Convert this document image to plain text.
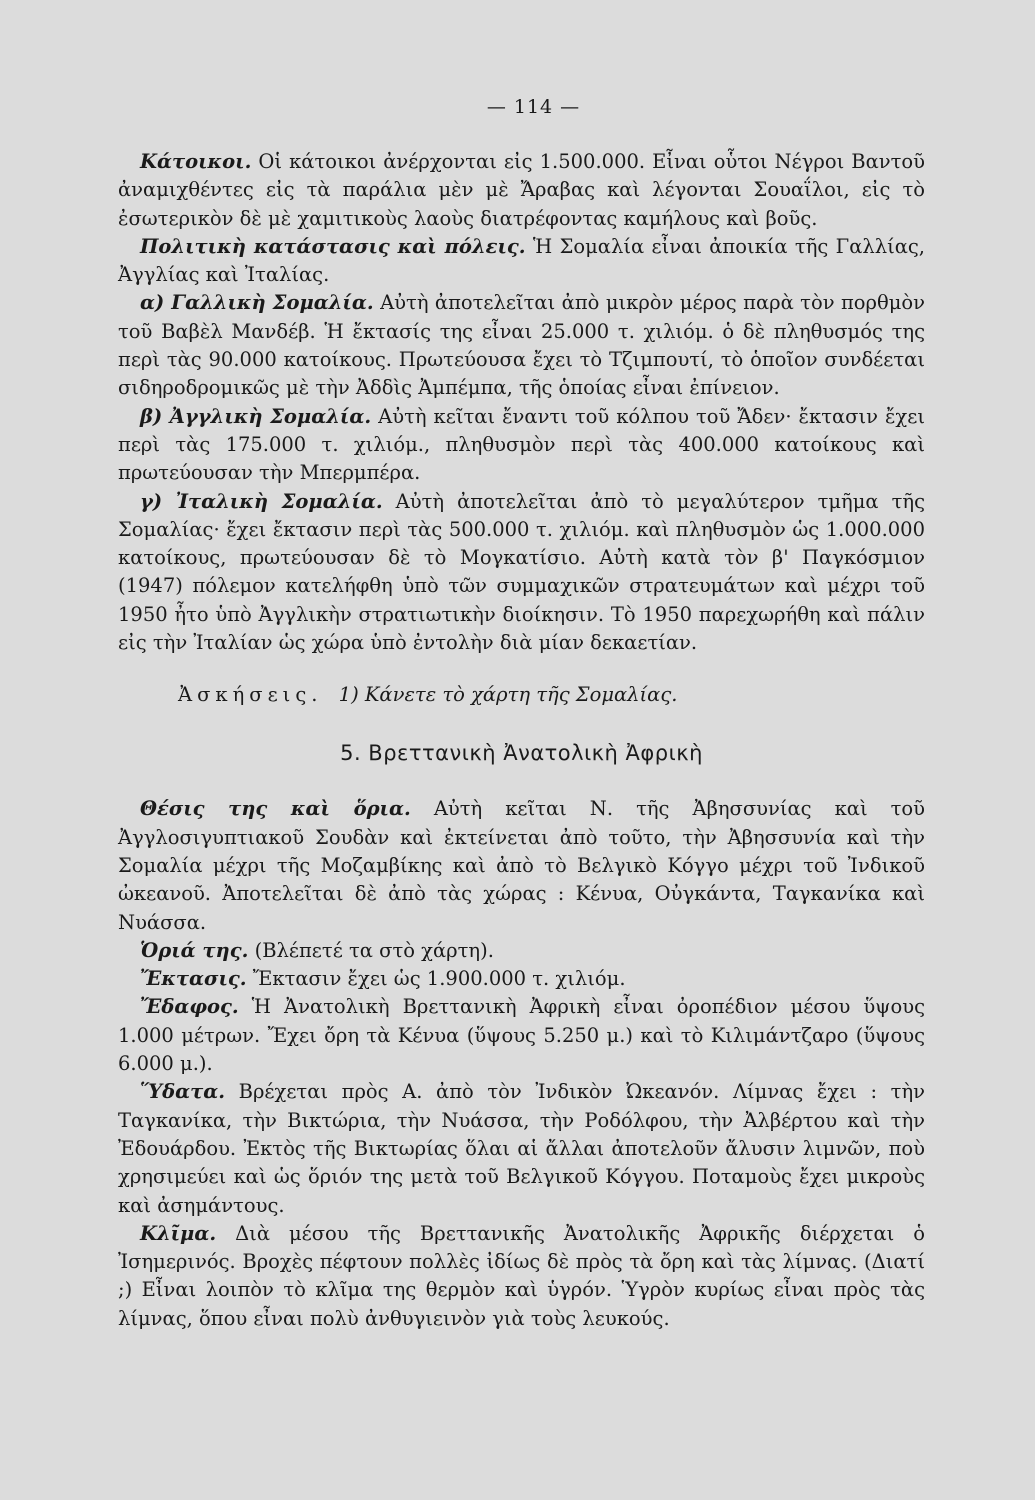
— 114 —

Κάτοικοι. Οἱ κάτοικοι ἀνέρχονται εἰς 1.500.000. Εἶναι οὗτοι Νέγροι Βαντοῦ ἀναμιχθέντες εἰς τὰ παράλια μὲν μὲ Ἄραβας καὶ λέγονται Σουαΐλοι, εἰς τὸ ἐσωτερικὸν δὲ μὲ χαμιτικοὺς λαοὺς διατρέφοντας καμήλους καὶ βοῦς.

Πολιτικὴ κατάστασις καὶ πόλεις. Ἡ Σομαλία εἶναι ἀποικία τῆς Γαλλίας, Ἀγγλίας καὶ Ἰταλίας.

α) Γαλλικὴ Σομαλία. Αὐτὴ ἀποτελεῖται ἀπὸ μικρὸν μέρος παρὰ τὸν πορθμὸν τοῦ Βαβὲλ Μανδέβ. Ἡ ἔκτασίς της εἶναι 25.000 τ. χιλιόμ. ὁ δὲ πληθυσμός της περὶ τὰς 90.000 κατοίκους. Πρωτεύουσα ἔχει τὸ Τζιμπουτί, τὸ ὁποῖον συνδέεται σιδηροδρομικῶς μὲ τὴν Ἀδδὶς Ἀμπέμπα, τῆς ὁποίας εἶναι ἐπίνειον.

β) Ἀγγλικὴ Σομαλία. Αὐτὴ κεῖται ἔναντι τοῦ κόλπου τοῦ Ἄδεν· ἔκτασιν ἔχει περὶ τὰς 175.000 τ. χιλιόμ., πληθυσμὸν περὶ τὰς 400.000 κατοίκους καὶ πρωτεύουσαν τὴν Μπερμπέρα.

γ) Ἰταλικὴ Σομαλία. Αὐτὴ ἀποτελεῖται ἀπὸ τὸ μεγαλύτερον τμῆμα τῆς Σομαλίας· ἔχει ἔκτασιν περὶ τὰς 500.000 τ. χιλιόμ. καὶ πληθυσμὸν ὡς 1.000.000 κατοίκους, πρωτεύουσαν δὲ τὸ Μογκατίσιο. Αὐτὴ κατὰ τὸν β' Παγκόσμιον (1947) πόλεμον κατελήφθη ὑπὸ τῶν συμμαχικῶν στρατευμάτων καὶ μέχρι τοῦ 1950 ἦτο ὑπὸ Ἀγγλικὴν στρατιωτικὴν διοίκησιν. Τὸ 1950 παρεχωρήθη καὶ πάλιν εἰς τὴν Ἰταλίαν ὡς χώρα ὑπὸ ἐντολὴν διὰ μίαν δεκαετίαν.

Ἀσκήσεις. 1) Κάνετε τὸ χάρτη τῆς Σομαλίας.
5. Βρεττανικὴ Ἀνατολικὴ Ἀφρικὴ

Θέσις της καὶ ὅρια. Αὐτὴ κεῖται Ν. τῆς Ἀβησσυνίας καὶ τοῦ Ἀγγλοσιγυπτιακοῦ Σουδὰν καὶ ἐκτείνεται ἀπὸ τοῦτο, τὴν Ἀβησσυνία καὶ τὴν Σομαλία μέχρι τῆς Μοζαμβίκης καὶ ἀπὸ τὸ Βελγικὸ Κόγγο μέχρι τοῦ Ἰνδικοῦ ὠκεανοῦ. Ἀποτελεῖται δὲ ἀπὸ τὰς χώρας : Κένυα, Οὐγκάντα, Ταγκανίκα καὶ Νυάσσα.

Ὁριά της. (Βλέπετέ τα στὸ χάρτη).

Ἔκτασις. Ἔκτασιν ἔχει ὡς 1.900.000 τ. χιλιόμ.

Ἔδαφος. Ἡ Ἀνατολικὴ Βρεττανικὴ Ἀφρικὴ εἶναι ὀροπέδιον μέσου ὕψους 1.000 μέτρων. Ἔχει ὄρη τὰ Κένυα (ὕψους 5.250 μ.) καὶ τὸ Κιλιμάντζαρο (ὕψους 6.000 μ.).

Ὕδατα. Βρέχεται πρὸς Α. ἀπὸ τὸν Ἰνδικὸν Ὠκεανόν. Λίμνας ἔχει : τὴν Ταγκανίκα, τὴν Βικτώρια, τὴν Νυάσσα, τὴν Ροδόλφου, τὴν Ἀλβέρτου καὶ τὴν Ἐδουάρδου. Ἐκτὸς τῆς Βικτωρίας ὅλαι αἱ ἄλλαι ἀποτελοῦν ἄλυσιν λιμνῶν, ποὺ χρησιμεύει καὶ ὡς ὅριόν της μετὰ τοῦ Βελγικοῦ Κόγγου. Ποταμοὺς ἔχει μικροὺς καὶ ἀσημάντους.

Κλῖμα. Διὰ μέσου τῆς Βρεττανικῆς Ἀνατολικῆς Ἀφρικῆς διέρχεται ὁ Ἰσημερινός. Βροχὲς πέφτουν πολλὲς ἰδίως δὲ πρὸς τὰ ὄρη καὶ τὰς λίμνας. (Διατί ;) Εἶναι λοιπὸν τὸ κλῖμα της θερμὸν καὶ ὑγρόν. Ὑγρὸν κυρίως εἶναι πρὸς τὰς λίμνας, ὅπου εἶναι πολὺ ἀνθυγιεινὸν γιὰ τοὺς λευκούς.
